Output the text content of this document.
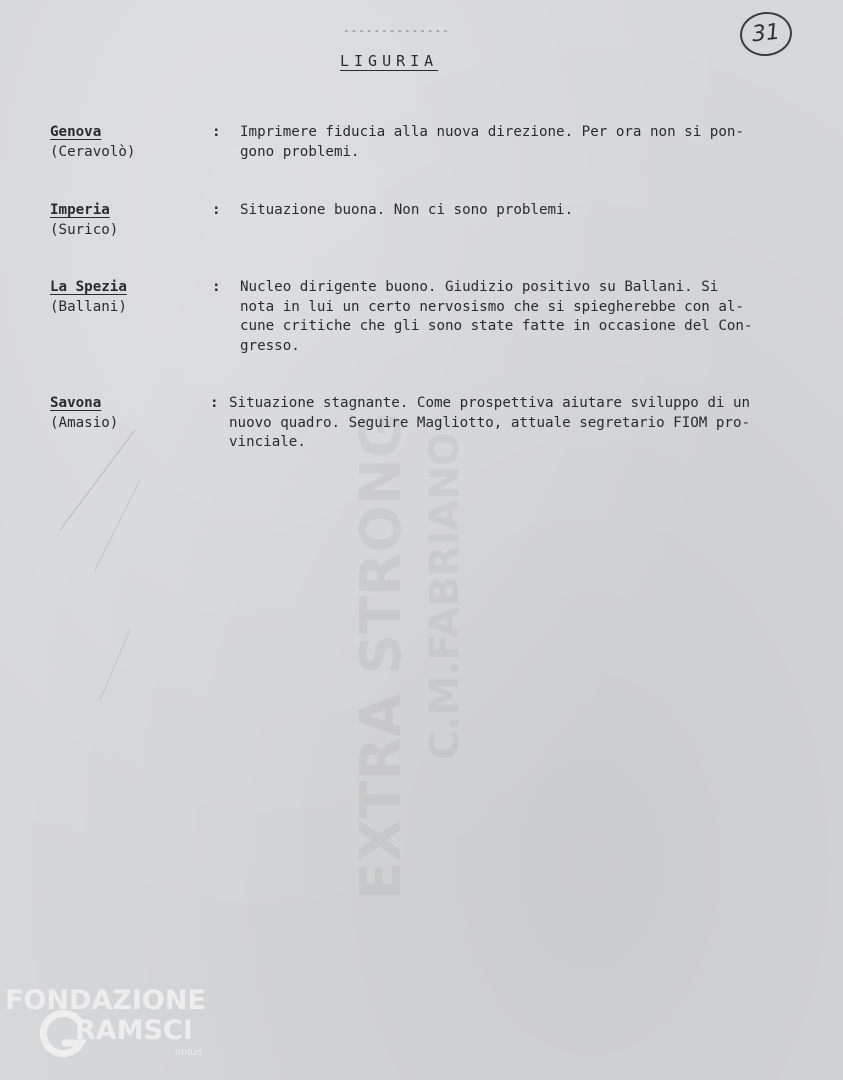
--------------	31
LIGURIA
Genova
(Ceravolò)
: Imprimere fiducia alla nuova direzione. Per ora non si pon-
gono problemi.
Imperia
(Surico)
: Situazione buona. Non ci sono problemi.
La Spezia
(Ballani)
: Nucleo dirigente buono. Giudizio positivo su Ballani. Si
nota in lui un certo nervosismo che si spiegherebbe con al-
cune critiche che gli sono state fatte in occasione del Con-
gresso.
Savona
(Amasio)
: Situazione stagnante. Come prospettiva aiutare sviluppo di un
nuovo quadro. Seguire Magliotto, attuale segretario FIOM pro-
vinciale. EXTRA STRONG C.M.FABRIANO
FONDAZIONE
RAMSCI
onlus
